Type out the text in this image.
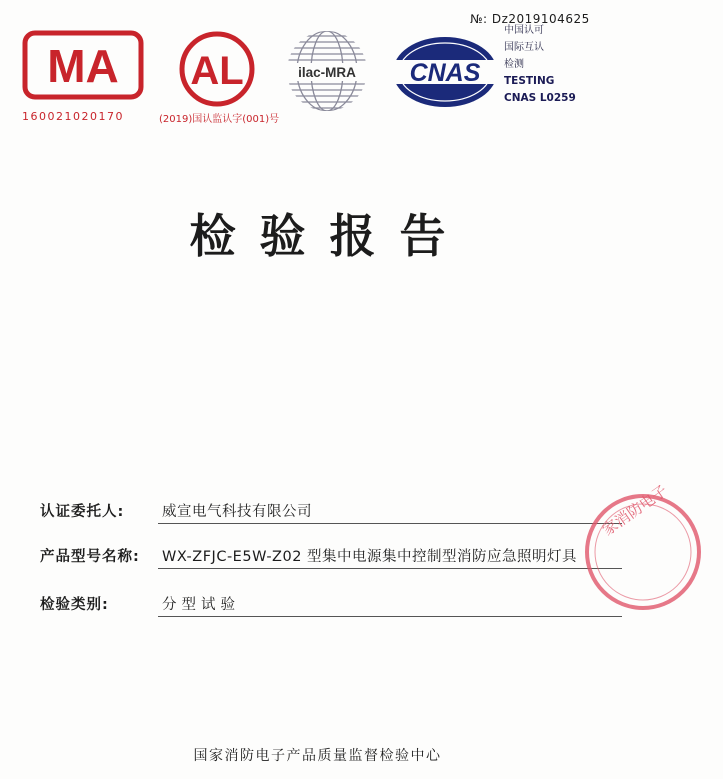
№: Dz2019104625
MA
160021020170
AL
(2019)国认监认字(001)号
ilac-MRA CNAS
中国认可
国际互认
检测
TESTING
CNAS L0259
检验报告
认证委托人:	威宣电气科技有限公司
产品型号名称:	WX-ZFJC-E5W-Z02 型集中电源集中控制型消防应急照明灯具
检验类别:	分型试验
家消防电子
国家消防电子产品质量监督检验中心
